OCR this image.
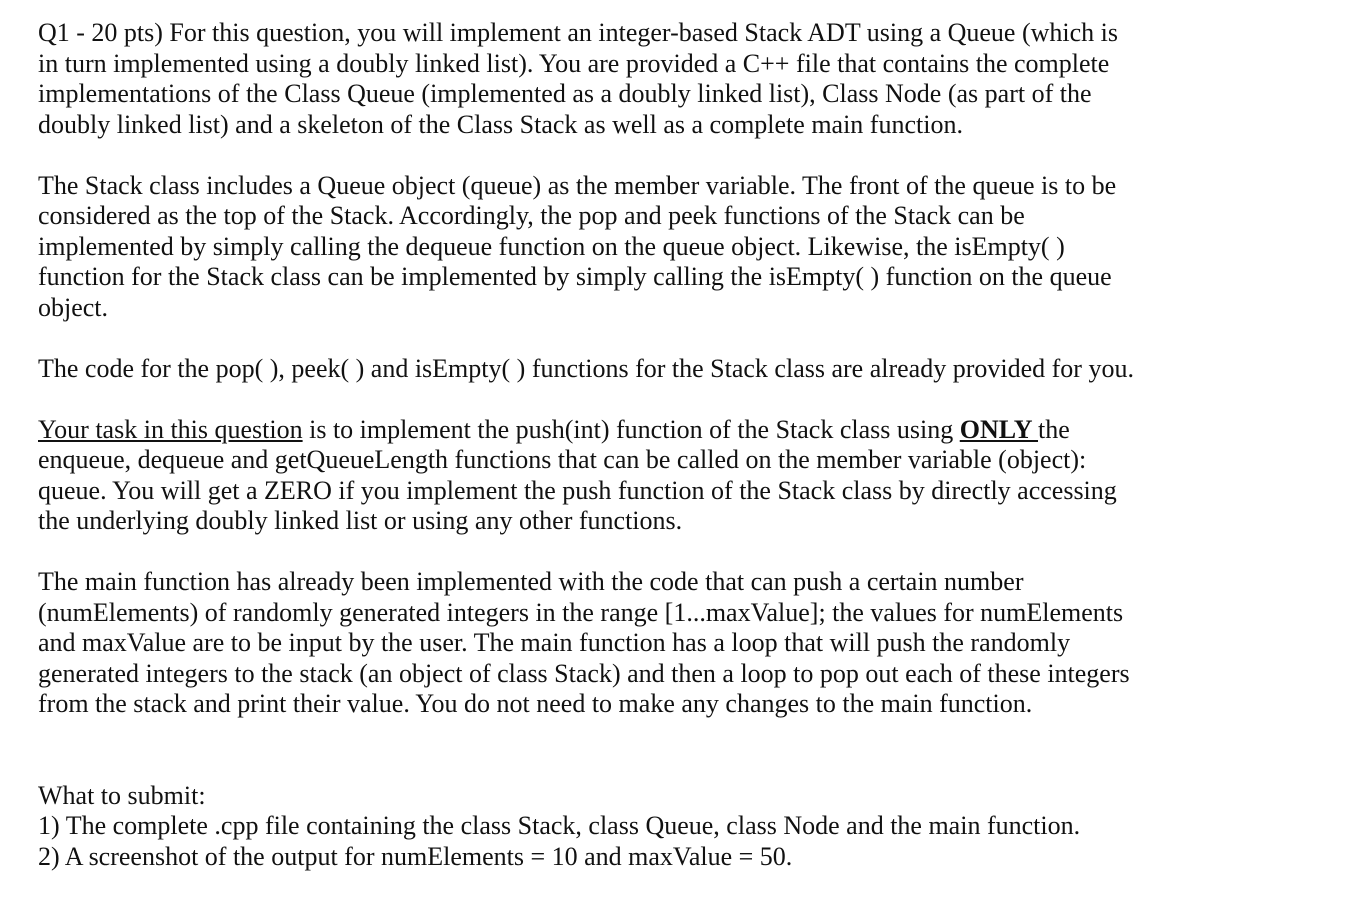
Q1 - 20 pts) For this question, you will implement an integer-based Stack ADT using a Queue (which is
in turn implemented using a doubly linked list). You are provided a C++ file that contains the complete
implementations of the Class Queue (implemented as a doubly linked list), Class Node (as part of the
doubly linked list) and a skeleton of the Class Stack as well as a complete main function.

The Stack class includes a Queue object (queue) as the member variable. The front of the queue is to be
considered as the top of the Stack. Accordingly, the pop and peek functions of the Stack can be
implemented by simply calling the dequeue function on the queue object. Likewise, the isEmpty( )
function for the Stack class can be implemented by simply calling the isEmpty( ) function on the queue
object.

The code for the pop( ), peek( ) and isEmpty( ) functions for the Stack class are already provided for you.

Your task in this question is to implement the push(int) function of the Stack class using ONLY the
enqueue, dequeue and getQueueLength functions that can be called on the member variable (object):
queue. You will get a ZERO if you implement the push function of the Stack class by directly accessing
the underlying doubly linked list or using any other functions.

The main function has already been implemented with the code that can push a certain number
(numElements) of randomly generated integers in the range [1...maxValue]; the values for numElements
and maxValue are to be input by the user. The main function has a loop that will push the randomly
generated integers to the stack (an object of class Stack) and then a loop to pop out each of these integers
from the stack and print their value. You do not need to make any changes to the main function.

What to submit:
1) The complete .cpp file containing the class Stack, class Queue, class Node and the main function.
2) A screenshot of the output for numElements = 10 and maxValue = 50.
